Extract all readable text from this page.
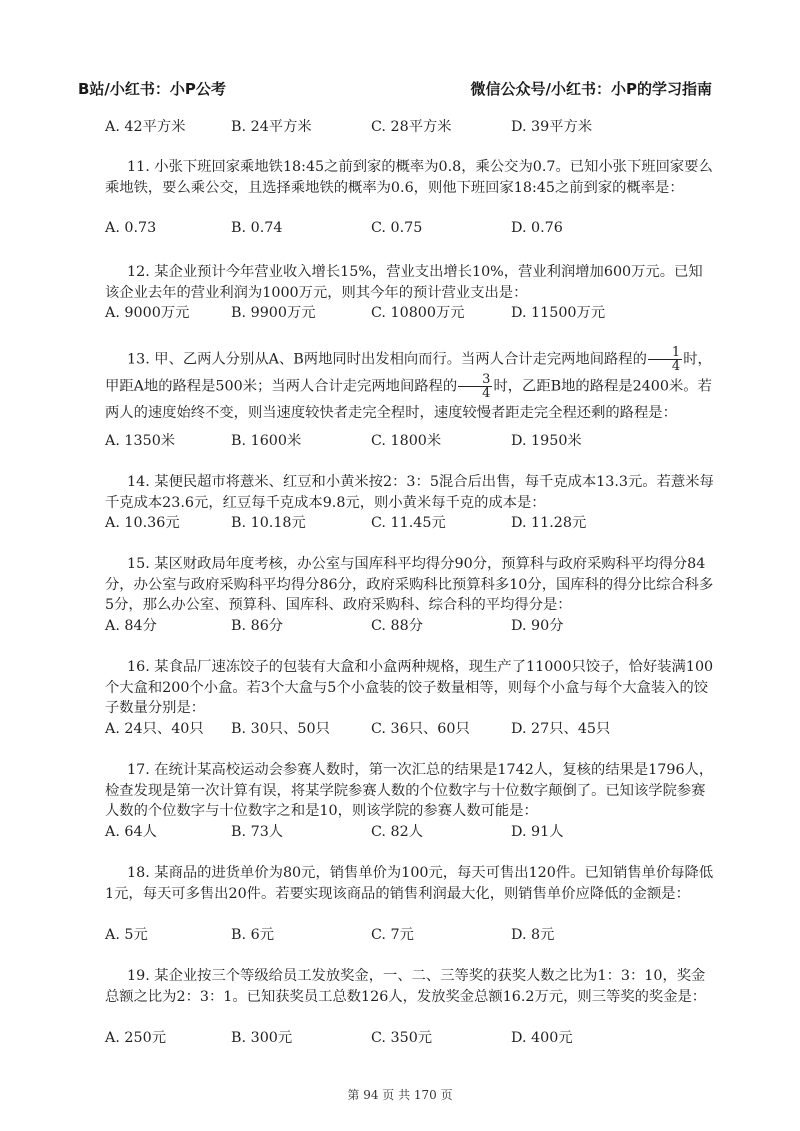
B站/小红书：小P公考	微信公众号/小红书：小P的学习指南
A. 42平方米	B. 24平方米	C. 28平方米	D. 39平方米

11. 小张下班回家乘地铁18:45之前到家的概率为0.8，乘公交为0.7。已知小张下班回家要么乘地铁，要么乘公交，且选择乘地铁的概率为0.6，则他下班回家18:45之前到家的概率是：

A. 0.73	B. 0.74	C. 0.75	D. 0.76

12. 某企业预计今年营业收入增长15%，营业支出增长10%，营业利润增加600万元。已知该企业去年的营业利润为1000万元，则其今年的预计营业支出是：

A. 9000万元	B. 9900万元	C. 10800万元	D. 11500万元

13. 甲、乙两人分别从A、B两地同时出发相向而行。当两人合计走完两地间路程的 $\frac{1}{4}$ 时，甲距A地的路程是500米；当两人合计走完两地间路程的 $\frac{3}{4}$ 时，乙距B地的路程是2400米。若两人的速度始终不变，则当速度较快者走完全程时，速度较慢者距走完全程还剩的路程是：

A. 1350米	B. 1600米	C. 1800米	D. 1950米

14. 某便民超市将薏米、红豆和小黄米按2：3：5混合后出售，每千克成本13.3元。若薏米每千克成本23.6元，红豆每千克成本9.8元，则小黄米每千克的成本是：

A. 10.36元	B. 10.18元	C. 11.45元	D. 11.28元

15. 某区财政局年度考核，办公室与国库科平均得分90分，预算科与政府采购科平均得分84分，办公室与政府采购科平均得分86分，政府采购科比预算科多10分，国库科的得分比综合科多5分，那么办公室、预算科、国库科、政府采购科、综合科的平均得分是：

A. 84分	B. 86分	C. 88分	D. 90分

16. 某食品厂速冻饺子的包装有大盒和小盒两种规格，现生产了11000只饺子，恰好装满100个大盒和200个小盒。若3个大盒与5个小盒装的饺子数量相等，则每个小盒与每个大盒装入的饺子数量分别是：

A. 24只、40只 B. 30只、50只	C. 36只、60只	D. 27只、45只

17. 在统计某高校运动会参赛人数时，第一次汇总的结果是1742人，复核的结果是1796人，检查发现是第一次计算有误，将某学院参赛人数的个位数字与十位数字颠倒了。已知该学院参赛人数的个位数字与十位数字之和是10，则该学院的参赛人数可能是：

A. 64人	B. 73人	C. 82人	D. 91人

18. 某商品的进货单价为80元，销售单价为100元，每天可售出120件。已知销售单价每降低1元，每天可多售出20件。若要实现该商品的销售利润最大化，则销售单价应降低的金额是：

A. 5元	B. 6元	C. 7元	D. 8元

19. 某企业按三个等级给员工发放奖金，一、二、三等奖的获奖人数之比为1：3：10，奖金总额之比为2：3：1。已知获奖员工总数126人，发放奖金总额16.2万元，则三等奖的奖金是：

A. 250元	B. 300元	C. 350元	D. 400元
第 94 页 共 170 页
